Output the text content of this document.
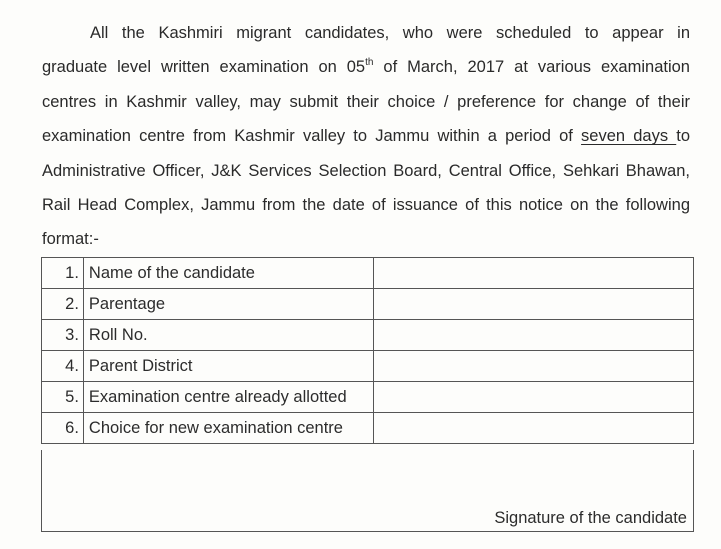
All the Kashmiri migrant candidates, who were scheduled to appear in
graduate level written examination on 05th of March, 2017 at various examination
centres in Kashmir valley, may submit their choice / preference for change of their
examination centre from Kashmir valley to Jammu within a period of seven days to
Administrative Officer, J&K Services Selection Board, Central Office, Sehkari Bhawan,
Rail Head Complex, Jammu from the date of issuance of this notice on the following
format:-
1.	Name of the candidate	
2.	Parentage	
3.	Roll No.	
4.	Parent District	
5.	Examination centre already allotted	
6.	Choice for new examination centre	
Signature of the candidate
